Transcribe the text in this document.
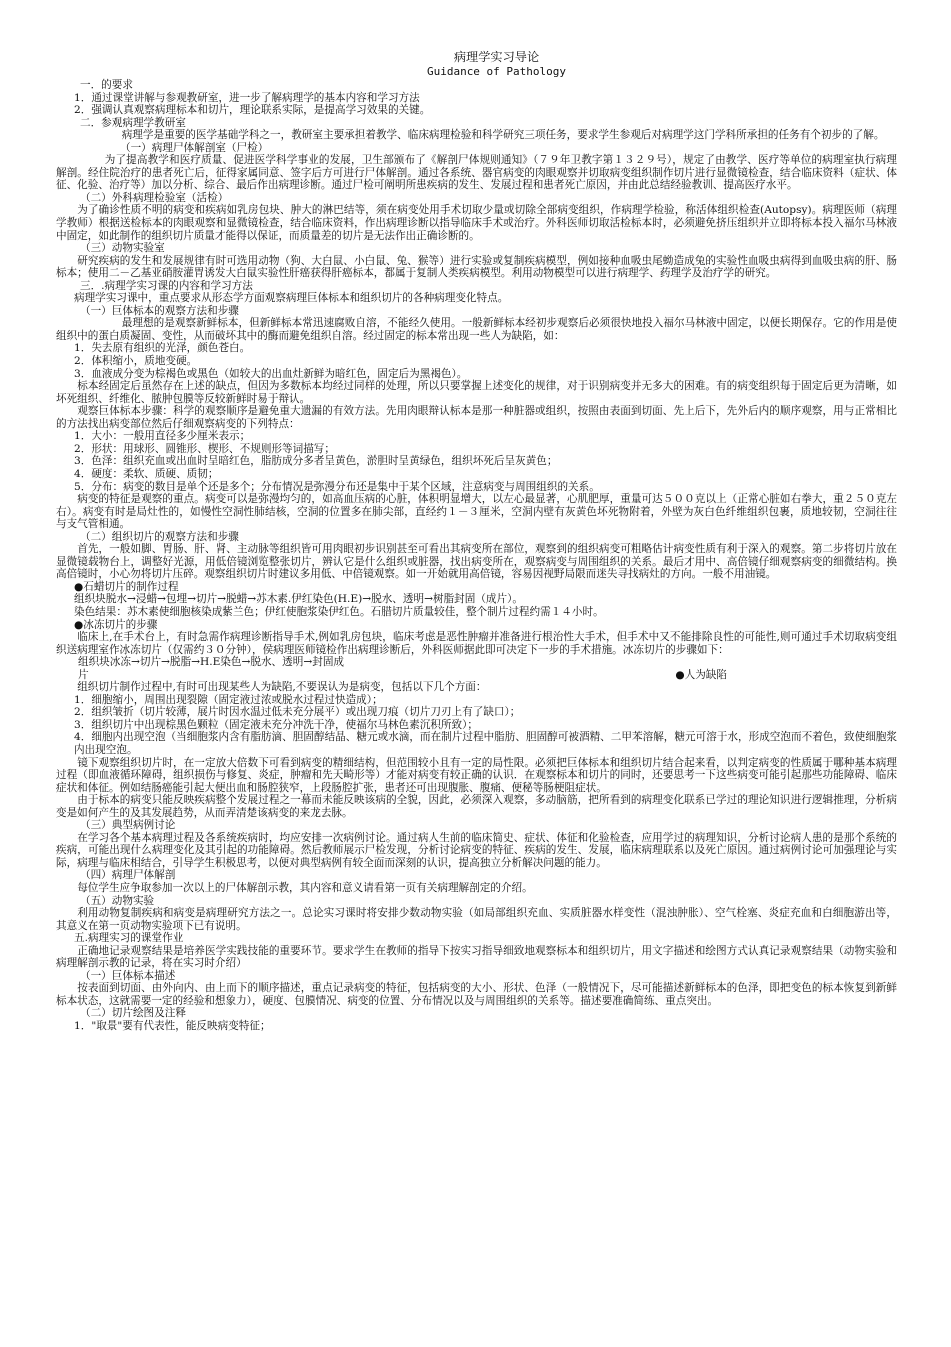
病理学实习导论
Guidance of Pathology
一．的要求
1．通过课堂讲解与参观教研室，进一步了解病理学的基本内容和学习方法
2．强调认真观察病理标本和切片，理论联系实际，是提高学习效果的关键。
二．参观病理学教研室
病理学是重要的医学基础学科之一，教研室主要承担着教学、临床病理检验和科学研究三项任务，要求学生参观后对病理学这门学科所承担的任务有个初步的了解。
（一）病理尸体解剖室（尸检）
为了提高教学和医疗质量、促进医学科学事业的发展，卫生部颁布了《解剖尸体规则通知》（７９年卫教字第１３２９号），规定了由教学、医疗等单位的病理室执行病理解剖。经住院治疗的患者死亡后，征得家属同意、签字后方可进行尸体解剖。通过各系统、器官病变的肉眼观察并切取病变组织制作切片进行显微镜检查，结合临床资料（症状、体征、化验、治疗等）加以分析、综合、最后作出病理诊断。通过尸检可阐明所患疾病的发生、发展过程和患者死亡原因，并由此总结经验教训、提高医疗水平。
（二）外科病理检验室（活检）
为了确诊性质不明的病变和疾病如乳房包块、肿大的淋巴结等，须在病变处用手术切取少量或切除全部病变组织，作病理学检验，称活体组织检查(Autopsy)。病理医师（病理学教师）根据送检标本的肉眼观察和显微镜检查，结合临床资料，作出病理诊断以指导临床手术或治疗。外科医师切取活检标本时，必须避免挤压组织并立即将标本投入福尔马林液中固定，如此制作的组织切片质量才能得以保证，而质量差的切片是无法作出正确诊断的。
（三）动物实验室
研究疾病的发生和发展规律有时可选用动物（狗、大白鼠、小白鼠、兔、猴等）进行实验或复制疾病模型，例如接种血吸虫尾蚴造成兔的实验性血吸虫病得到血吸虫病的肝、肠标本；使用二－乙基亚硝胺灌胃诱发大白鼠实验性肝癌获得肝癌标本，都属于复制人类疾病模型。利用动物模型可以进行病理学、药理学及治疗学的研究。
三．.病理学实习课的内容和学习方法
病理学实习课中，重点要求从形态学方面观察病理巨体标本和组织切片的各种病理变化特点。
（一）巨体标本的观察方法和步骤
最理想的是观察新鲜标本，但新鲜标本常迅速腐败自溶，不能经久使用。一般新鲜标本经初步观察后必须很快地投入福尔马林液中固定，以便长期保存。它的作用是使组织中的蛋白质凝固、变性，从而破坏其中的酶而避免组织自溶。经过固定的标本常出现一些人为缺陷，如：
1．失去原有组织的光泽，颜色苍白。
2．体积缩小，质地变硬。
3．血液成分变为棕褐色或黑色（如较大的出血灶新鲜为暗红色，固定后为黑褐色）。
标本经固定后虽然存在上述的缺点，但因为多数标本均经过同样的处理，所以只要掌握上述变化的规律，对于识别病变并无多大的困难。有的病变组织每于固定后更为清晰，如坏死组织、纤维化、脓肿包膜等反较新鲜时易于辩认。
观察巨体标本步骤：科学的观察顺序是避免重大遗漏的有效方法。先用肉眼辩认标本是那一种脏器或组织，按照由表面到切面、先上后下，先外后内的顺序观察，用与正常相比的方法找出病变部位然后仔细观察病变的下列特点：
1．大小：一般用直径多少厘米表示；
2．形状：用球形、圆锥形、楔形、不规则形等词描写；
3．色泽：组织充血或出血时呈暗红色，脂肪成分多者呈黄色，淤胆时呈黄绿色，组织坏死后呈灰黄色；
4．硬度：柔软、质硬、质韧；
5．分布：病变的数目是单个还是多个；分布情况是弥漫分布还是集中于某个区域，注意病变与周围组织的关系。
病变的特征是观察的重点。病变可以是弥漫均匀的，如高血压病的心脏，体积明显增大，以左心最显著，心肌肥厚，重量可达５００克以上（正常心脏如右拳大，重２５０克左右）。病变有时是局灶性的，如慢性空洞性肺结核，空洞的位置多在肺尖部，直经约１－３厘米，空洞内壁有灰黄色坏死物附着，外壁为灰白色纤维组织包裹，质地较韧，空洞往往与支气管相通。
（二）组织切片的观察方法和步骤
首先，一般如脚、胃肠、肝、肾、主动脉等组织皆可用肉眼初步识别甚至可看出其病变所在部位，观察到的组织病变可粗略估计病变性质有利于深入的观察。第二步将切片放在显微镜载物台上，调整好光源，用低倍镜浏览整张切片，辨认它是什么组织或脏器，找出病变所在，观察病变与周围组织的关系。最后才用中、高倍镜仔细观察病变的细微结构。换高倍镜时，小心勿将切片压碎。观察组织切片时建议多用低、中倍镜观察。如一开始就用高倍镜，容易因视野局限而迷失寻找病灶的方向。一般不用油镜。
●石蜡切片的制作过程
组织块脱水→浸蜡→包埋→切片→脱蜡→苏木素.伊红染色(H.E)→脱水、透明→树脂封固（成片）。
染色结果：苏木素使细胞核染成紫兰色；伊红使胞浆染伊红色。石腊切片质量较佳，整个制片过程约需１４小时。
●冰冻切片的步骤
临床上,在手术台上，有时急需作病理诊断指导手术,例如乳房包块，临床考虑是恶性肿瘤并准备进行根治性大手术，但手术中又不能排除良性的可能性,则可通过手术切取病变组织送病理室作冰冻切片（仅需约３０分钟），侯病理医师镜检作出病理诊断后，外科医师据此即可决定下一步的手术措施。冰冻切片的步骤如下：
组织块冰冻→切片→脱脂→H.E染色→脱水、透明→封固成
片	●人为缺陷
组织切片制作过程中,有时可出现某些人为缺陷,不要误认为是病变，包括以下几个方面：
1．细胞缩小，周围出现裂隙（固定液过浓或脱水过程过快造成）；
2．组织皱折（切片较薄，展片时因水温过低未充分展平）或出现刀痕（切片刀刃上有了缺口）；
3．组织切片中出现棕黑色颗粒（固定液未充分冲洗干净，使福尔马林色素沉积所致）；
4．细胞内出现空泡（当细胞浆内含有脂肪滴、胆固醇结晶、糖元或水滴，而在制片过程中脂肪、胆固醇可被酒精、二甲苯溶解，糖元可溶于水，形成空泡而不着色，致使细胞浆内出现空泡。
镜下观察组织切片时，在一定放大倍数下可看到病变的精细结构，但范围较小且有一定的局性限。必须把巨体标本和组织切片结合起来看，以判定病变的性质属于哪种基本病理过程（即血液循环障碍，组织损伤与修复、炎症，肿瘤和先天畸形等）才能对病变有较正确的认识．在观察标本和切片的同时，还要思考一下这些病变可能引起那些功能障碍、临床症状和体征。例如结肠癌能引起大便出血和肠腔狭窄，上段肠腔扩张，患者还可出现腹胀、腹痛、便秘等肠梗阻症状。
由于标本的病变只能反映疾病整个发展过程之一幕而未能反映该病的全貌，因此，必须深入观察，多动脑筋，把所看到的病理变化联系已学过的理论知识进行逻辑推理，分析病变是如何产生的及其发展趋势，从而弄清楚该病变的来龙去脉。
（三）典型病例讨论
在学习各个基本病理过程及各系统疾病时，均应安排一次病例讨论。通过病人生前的临床简史、症状、体征和化验检查，应用学过的病理知识，分析讨论病人患的是那个系统的疾病，可能出现什么病理变化及其引起的功能障碍。然后教师展示尸检发现，分析讨论病变的特征、疾病的发生、发展，临床病理联系以及死亡原因。通过病例讨论可加强理论与实际，病理与临床相结合，引导学生积极思考，以便对典型病例有较全面而深刻的认识，提高独立分析解决问题的能力。
（四）病理尸体解剖
每位学生应争取参加一次以上的尸体解剖示教，其内容和意义请看第一页有关病理解剖定的介绍。
（五）动物实验
利用动物复制疾病和病变是病理研究方法之一。总论实习课时将安排少数动物实验（如局部组织充血、实质脏器水样变性（混浊肿胀）、空气栓塞、炎症充血和白细胞游出等，其意义在第一页动物实验项下已有说明。
五.病理实习的课堂作业
正确地记录观察结果是培养医学实践技能的重要环节。要求学生在教师的指导下按实习指导细致地观察标本和组织切片，用文字描述和绘图方式认真记录观察结果（动物实验和病理解剖示教的记录，将在实习时介绍）
（一）巨体标本描述
按表面到切面、由外向内、由上而下的顺序描述，重点记录病变的特征，包括病变的大小、形状、色泽（一般情况下，尽可能描述新鲜标本的色泽，即把变色的标本恢复到新鲜标本状态，这就需要一定的经验和想象力），硬度、包膜情况、病变的位置、分布情况以及与周围组织的关系等。描述要准确简练、重点突出。
（二）切片绘图及注释
1．"取景"要有代表性，能反映病变特征；
